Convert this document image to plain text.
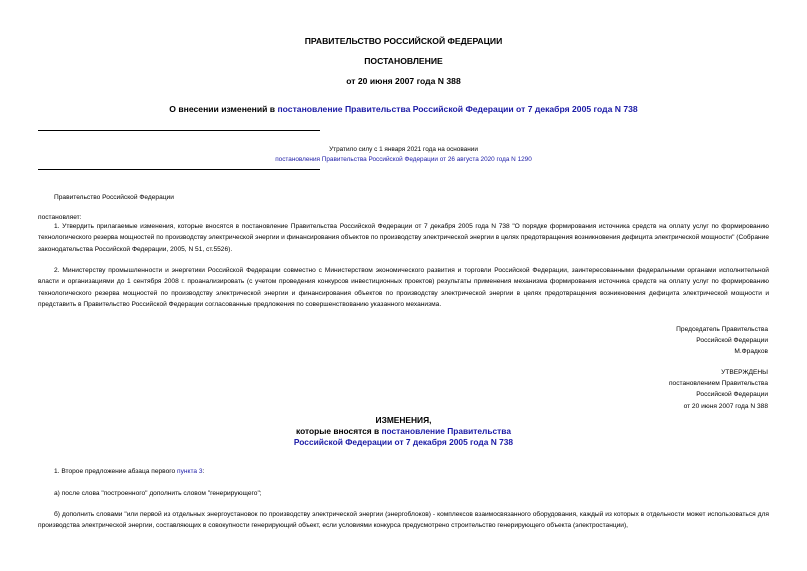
ПРАВИТЕЛЬСТВО РОССИЙСКОЙ ФЕДЕРАЦИИ
ПОСТАНОВЛЕНИЕ
от 20 июня 2007 года N 388
О внесении изменений в постановление Правительства Российской Федерации от 7 декабря 2005 года N 738
Утратило силу с 1 января 2021 года на основании
постановления Правительства Российской Федерации от 26 августа 2020 года N 1290
Правительство Российской Федерации
постановляет:
1. Утвердить прилагаемые изменения, которые вносятся в постановление Правительства Российской Федерации от 7 декабря 2005 года N 738 "О порядке формирования источника средств на оплату услуг по формированию технологического резерва мощностей по производству электрической энергии и финансирования объектов по производству электрической энергии в целях предотвращения возникновения дефицита электрической мощности" (Собрание законодательства Российской Федерации, 2005, N 51, ст.5526).
2. Министерству промышленности и энергетики Российской Федерации совместно с Министерством экономического развития и торговли Российской Федерации, заинтересованными федеральными органами исполнительной власти и организациями до 1 сентября 2008 г. проанализировать (с учетом проведения конкурсов инвестиционных проектов) результаты применения механизма формирования источника средств на оплату услуг по формированию технологического резерва мощностей по производству электрической энергии и финансирования объектов по производству электрической энергии в целях предотвращения возникновения дефицита электрической мощности и представить в Правительство Российской Федерации согласованные предложения по совершенствованию указанного механизма.
Председатель Правительства
Российской Федерации
М.Фрадков
УТВЕРЖДЕНЫ
постановлением Правительства
Российской Федерации
от 20 июня 2007 года N 388
ИЗМЕНЕНИЯ,
которые вносятся в постановление Правительства
Российской Федерации от 7 декабря 2005 года N 738
1. Второе предложение абзаца первого пункта 3:
а) после слова "построенного" дополнить словом "генерирующего";
б) дополнить словами "или первой из отдельных энергоустановок по производству электрической энергии (энергоблоков) - комплексов взаимосвязанного оборудования, каждый из которых в отдельности может использоваться для производства электрической энергии, составляющих в совокупности генерирующий объект, если условиями конкурса предусмотрено строительство генерирующего объекта (электростанции),
